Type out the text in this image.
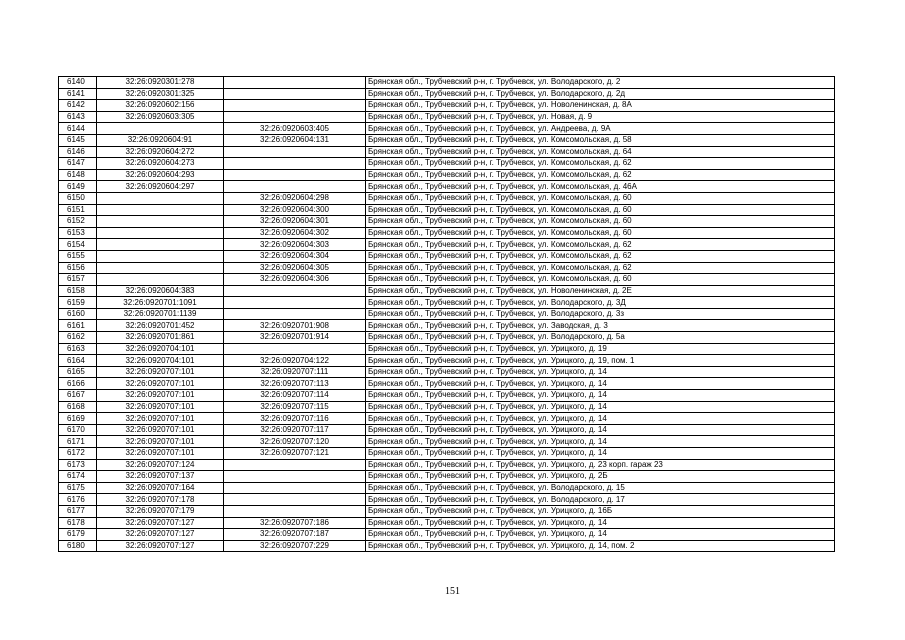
6140	32:26:0920301:278		Брянская обл., Трубчевский р-н, г. Трубчевск, ул. Володарского, д. 2
6141	32:26:0920301:325		Брянская обл., Трубчевский р-н, г. Трубчевск, ул. Володарского, д. 2д
6142	32:26:0920602:156		Брянская обл., Трубчевский р-н, г. Трубчевск, ул. Новоленинская, д. 8А
6143	32:26:0920603:305		Брянская обл., Трубчевский р-н, г. Трубчевск, ул. Новая, д. 9
6144		32:26:0920603:405	Брянская обл., Трубчевский р-н, г. Трубчевск, ул. Андреева, д. 9А
6145	32:26:0920604:91	32:26:0920604:131	Брянская обл., Трубчевский р-н, г. Трубчевск, ул. Комсомольская, д. 58
6146	32:26:0920604:272		Брянская обл., Трубчевский р-н, г. Трубчевск, ул. Комсомольская, д. 64
6147	32:26:0920604:273		Брянская обл., Трубчевский р-н, г. Трубчевск, ул. Комсомольская, д. 62
6148	32:26:0920604:293		Брянская обл., Трубчевский р-н, г. Трубчевск, ул. Комсомольская, д. 62
6149	32:26:0920604:297		Брянская обл., Трубчевский р-н, г. Трубчевск, ул. Комсомольская, д. 46А
6150		32:26:0920604:298	Брянская обл., Трубчевский р-н, г. Трубчевск, ул. Комсомольская, д. 60
6151		32:26:0920604:300	Брянская обл., Трубчевский р-н, г. Трубчевск, ул. Комсомольская, д. 60
6152		32:26:0920604:301	Брянская обл., Трубчевский р-н, г. Трубчевск, ул. Комсомольская, д. 60
6153		32:26:0920604:302	Брянская обл., Трубчевский р-н, г. Трубчевск, ул. Комсомольская, д. 60
6154		32:26:0920604:303	Брянская обл., Трубчевский р-н, г. Трубчевск, ул. Комсомольская, д. 62
6155		32:26:0920604:304	Брянская обл., Трубчевский р-н, г. Трубчевск, ул. Комсомольская, д. 62
6156		32:26:0920604:305	Брянская обл., Трубчевский р-н, г. Трубчевск, ул. Комсомольская, д. 62
6157		32:26:0920604:306	Брянская обл., Трубчевский р-н, г. Трубчевск, ул. Комсомольская, д. 60
6158	32:26:0920604:383		Брянская обл., Трубчевский р-н, г. Трубчевск, ул. Новоленинская, д. 2Е
6159	32:26:0920701:1091		Брянская обл., Трубчевский р-н, г. Трубчевск, ул. Володарского, д. 3Д
6160	32:26:0920701:1139		Брянская обл., Трубчевский р-н, г. Трубчевск, ул. Володарского, д. 3з
6161	32:26:0920701:452	32:26:0920701:908	Брянская обл., Трубчевский р-н, г. Трубчевск, ул. Заводская, д. 3
6162	32:26:0920701:861	32:26:0920701:914	Брянская обл., Трубчевский р-н, г. Трубчевск, ул. Володарского, д. 5а
6163	32:26:0920704:101		Брянская обл., Трубчевский р-н, г. Трубчевск, ул. Урицкого, д. 19
6164	32:26:0920704:101	32:26:0920704:122	Брянская обл., Трубчевский р-н, г. Трубчевск, ул. Урицкого, д. 19, пом. 1
6165	32:26:0920707:101	32:26:0920707:111	Брянская обл., Трубчевский р-н, г. Трубчевск, ул. Урицкого, д. 14
6166	32:26:0920707:101	32:26:0920707:113	Брянская обл., Трубчевский р-н, г. Трубчевск, ул. Урицкого, д. 14
6167	32:26:0920707:101	32:26:0920707:114	Брянская обл., Трубчевский р-н, г. Трубчевск, ул. Урицкого, д. 14
6168	32:26:0920707:101	32:26:0920707:115	Брянская обл., Трубчевский р-н, г. Трубчевск, ул. Урицкого, д. 14
6169	32:26:0920707:101	32:26:0920707:116	Брянская обл., Трубчевский р-н, г. Трубчевск, ул. Урицкого, д. 14
6170	32:26:0920707:101	32:26:0920707:117	Брянская обл., Трубчевский р-н, г. Трубчевск, ул. Урицкого, д. 14
6171	32:26:0920707:101	32:26:0920707:120	Брянская обл., Трубчевский р-н, г. Трубчевск, ул. Урицкого, д. 14
6172	32:26:0920707:101	32:26:0920707:121	Брянская обл., Трубчевский р-н, г. Трубчевск, ул. Урицкого, д. 14
6173	32:26:0920707:124		Брянская обл., Трубчевский р-н, г. Трубчевск, ул. Урицкого, д. 23 корп. гараж 23
6174	32:26:0920707:137		Брянская обл., Трубчевский р-н, г. Трубчевск, ул. Урицкого, д. 2Б
6175	32:26:0920707:164		Брянская обл., Трубчевский р-н, г. Трубчевск, ул. Володарского, д. 15
6176	32:26:0920707:178		Брянская обл., Трубчевский р-н, г. Трубчевск, ул. Володарского, д. 17
6177	32:26:0920707:179		Брянская обл., Трубчевский р-н, г. Трубчевск, ул. Урицкого, д. 16Б
6178	32:26:0920707:127	32:26:0920707:186	Брянская обл., Трубчевский р-н, г. Трубчевск, ул. Урицкого, д. 14
6179	32:26:0920707:127	32:26:0920707:187	Брянская обл., Трубчевский р-н, г. Трубчевск, ул. Урицкого, д. 14
6180	32:26:0920707:127	32:26:0920707:229	Брянская обл., Трубчевский р-н, г. Трубчевск, ул. Урицкого, д. 14, пом. 2
151
